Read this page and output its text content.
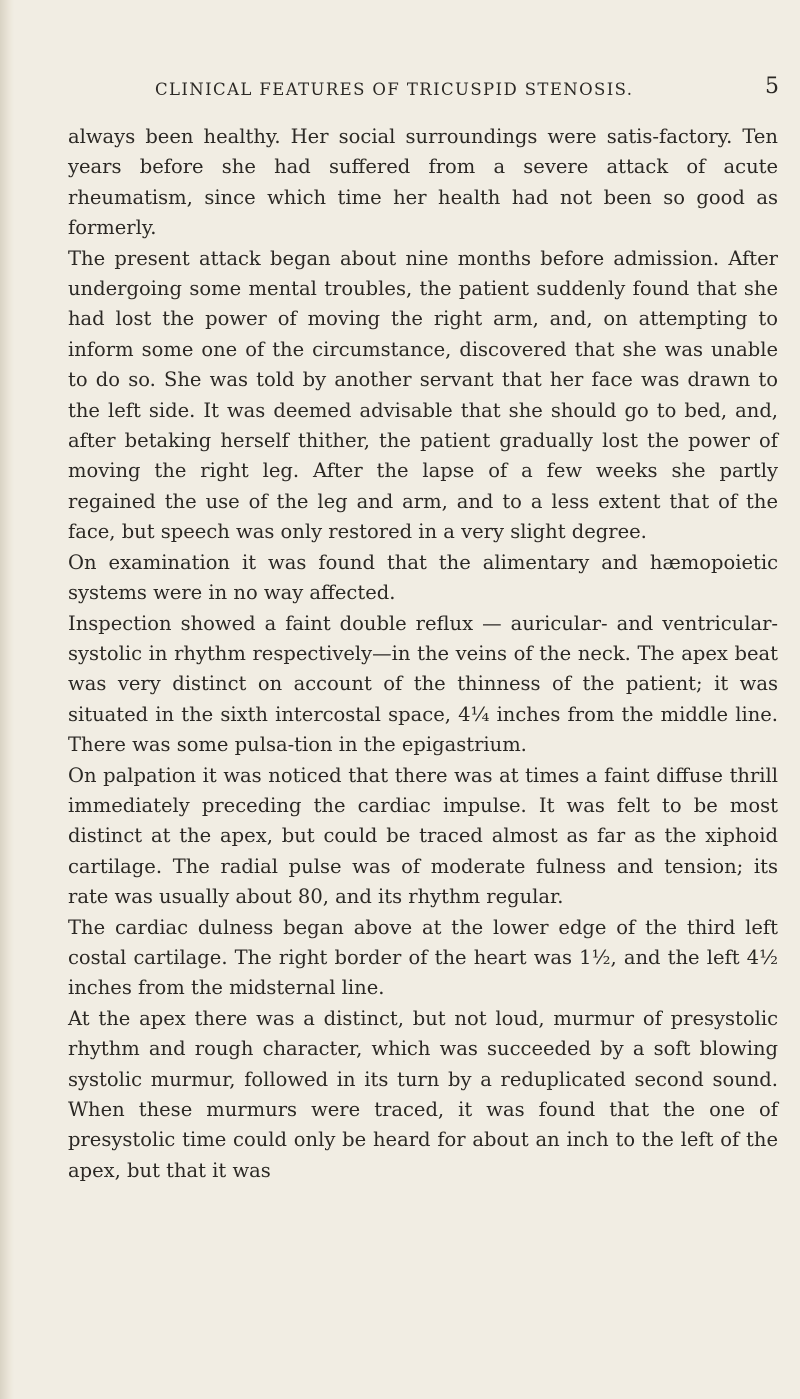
CLINICAL FEATURES OF TRICUSPID STENOSIS.	5

always been healthy. Her social surroundings were satis-factory. Ten years before she had suffered from a severe attack of acute rheumatism, since which time her health had not been so good as formerly.

The present attack began about nine months before admission. After undergoing some mental troubles, the patient suddenly found that she had lost the power of moving the right arm, and, on attempting to inform some one of the circumstance, discovered that she was unable to do so. She was told by another servant that her face was drawn to the left side. It was deemed advisable that she should go to bed, and, after betaking herself thither, the patient gradually lost the power of moving the right leg. After the lapse of a few weeks she partly regained the use of the leg and arm, and to a less extent that of the face, but speech was only restored in a very slight degree.

On examination it was found that the alimentary and hæmopoietic systems were in no way affected.

Inspection showed a faint double reflux — auricular- and ventricular-systolic in rhythm respectively—in the veins of the neck. The apex beat was very distinct on account of the thinness of the patient; it was situated in the sixth intercostal space, 4¼ inches from the middle line. There was some pulsa-tion in the epigastrium.

On palpation it was noticed that there was at times a faint diffuse thrill immediately preceding the cardiac impulse. It was felt to be most distinct at the apex, but could be traced almost as far as the xiphoid cartilage. The radial pulse was of moderate fulness and tension; its rate was usually about 80, and its rhythm regular.

The cardiac dulness began above at the lower edge of the third left costal cartilage. The right border of the heart was 1½, and the left 4½ inches from the midsternal line.

At the apex there was a distinct, but not loud, murmur of presystolic rhythm and rough character, which was succeeded by a soft blowing systolic murmur, followed in its turn by a reduplicated second sound. When these murmurs were traced, it was found that the one of presystolic time could only be heard for about an inch to the left of the apex, but that it was
